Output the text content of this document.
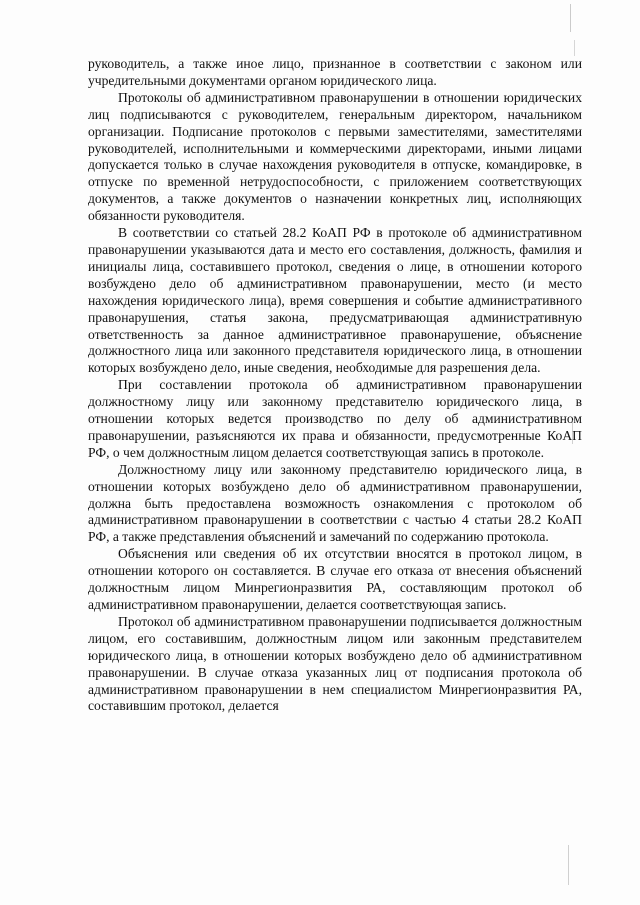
руководитель, а также иное лицо, признанное в соответствии с законом или учредительными документами органом юридического лица.

Протоколы об административном правонарушении в отношении юридических лиц подписываются с руководителем, генеральным директором, начальником организации. Подписание протоколов с первыми заместителями, заместителями руководителей, исполнительными и коммерческими директорами, иными лицами допускается только в случае нахождения руководителя в отпуске, командировке, в отпуске по временной нетрудоспособности, с приложением соответствующих документов, а также документов о назначении конкретных лиц, исполняющих обязанности руководителя.

В соответствии со статьей 28.2 КоАП РФ в протоколе об административном правонарушении указываются дата и место его составления, должность, фамилия и инициалы лица, составившего протокол, сведения о лице, в отношении которого возбуждено дело об административном правонарушении, место (и место нахождения юридического лица), время совершения и событие административного правонарушения, статья закона, предусматривающая административную ответственность за данное административное правонарушение, объяснение должностного лица или законного представителя юридического лица, в отношении которых возбуждено дело, иные сведения, необходимые для разрешения дела.

При составлении протокола об административном правонарушении должностному лицу или законному представителю юридического лица, в отношении которых ведется производство по делу об административном правонарушении, разъясняются их права и обязанности, предусмотренные КоАП РФ, о чем должностным лицом делается соответствующая запись в протоколе.

Должностному лицу или законному представителю юридического лица, в отношении которых возбуждено дело об административном правонарушении, должна быть предоставлена возможность ознакомления с протоколом об административном правонарушении в соответствии с частью 4 статьи 28.2 КоАП РФ, а также представления объяснений и замечаний по содержанию протокола.

Объяснения или сведения об их отсутствии вносятся в протокол лицом, в отношении которого он составляется. В случае его отказа от внесения объяснений должностным лицом Минрегионразвития РА, составляющим протокол об административном правонарушении, делается соответствующая запись.

Протокол об административном правонарушении подписывается должностным лицом, его составившим, должностным лицом или законным представителем юридического лица, в отношении которых возбуждено дело об административном правонарушении. В случае отказа указанных лиц от подписания протокола об административном правонарушении в нем специалистом Минрегионразвития РА, составившим протокол, делается
